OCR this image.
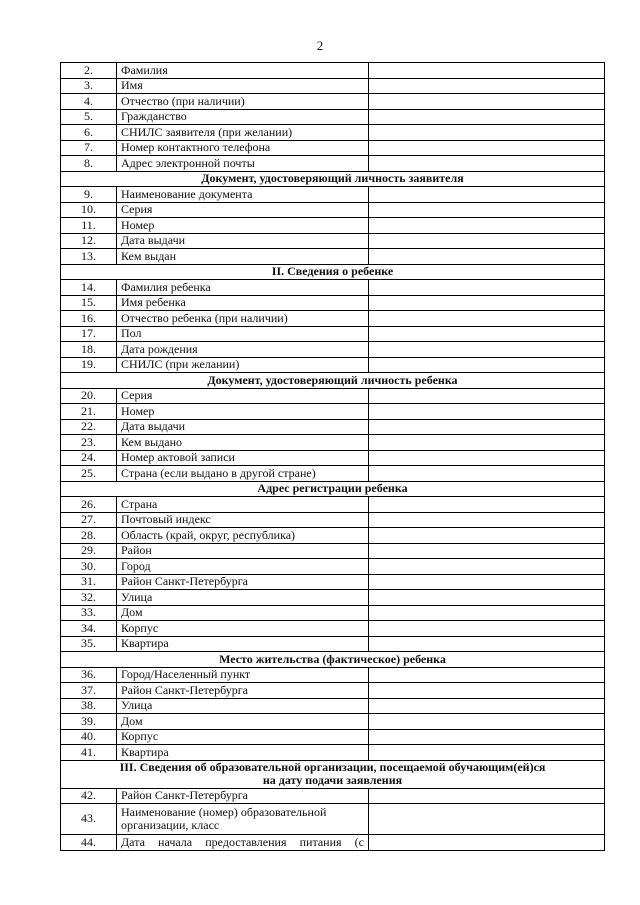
2
2.	Фамилия	
3.	Имя	
4.	Отчество (при наличии)	
5.	Гражданство	
6.	СНИЛС заявителя (при желании)	
7.	Номер контактного телефона	
8.	Адрес электронной почты	

Документ, удостоверяющий личность заявителя		

9.	Наименование документа	
10.	Серия	
11.	Номер	
12.	Дата выдачи	
13.	Кем выдан	

II. Сведения о ребенке		

14.	Фамилия ребенка	
15.	Имя ребенка	
16.	Отчество ребенка (при наличии)	
17.	Пол	
18.	Дата рождения	
19.	СНИЛС (при желании)	

Документ, удостоверяющий личность ребенка		

20.	Серия	
21.	Номер	
22.	Дата выдачи	
23.	Кем выдано	
24.	Номер актовой записи	
25.	Страна (если выдано в другой стране)	

Адрес регистрации ребенка		

26.	Страна	
27.	Почтовый индекс	
28.	Область (край, округ, республика)	
29.	Район	
30.	Город	
31.	Район Санкт-Петербурга	
32.	Улица	
33.	Дом	
34.	Корпус	
35.	Квартира	

Место жительства (фактическое) ребенка		

36.	Город/Населенный пункт	
37.	Район Санкт-Петербурга	
38.	Улица	
39.	Дом	
40.	Корпус	
41.	Квартира	

III. Сведения об образовательной организации, посещаемой обучающим(ей)ся
на дату подачи заявления		

42.	Район Санкт-Петербурга	
43.	Наименование (номер) образовательной организации, класс	
44.	Дата начала предоставления питания (с	
